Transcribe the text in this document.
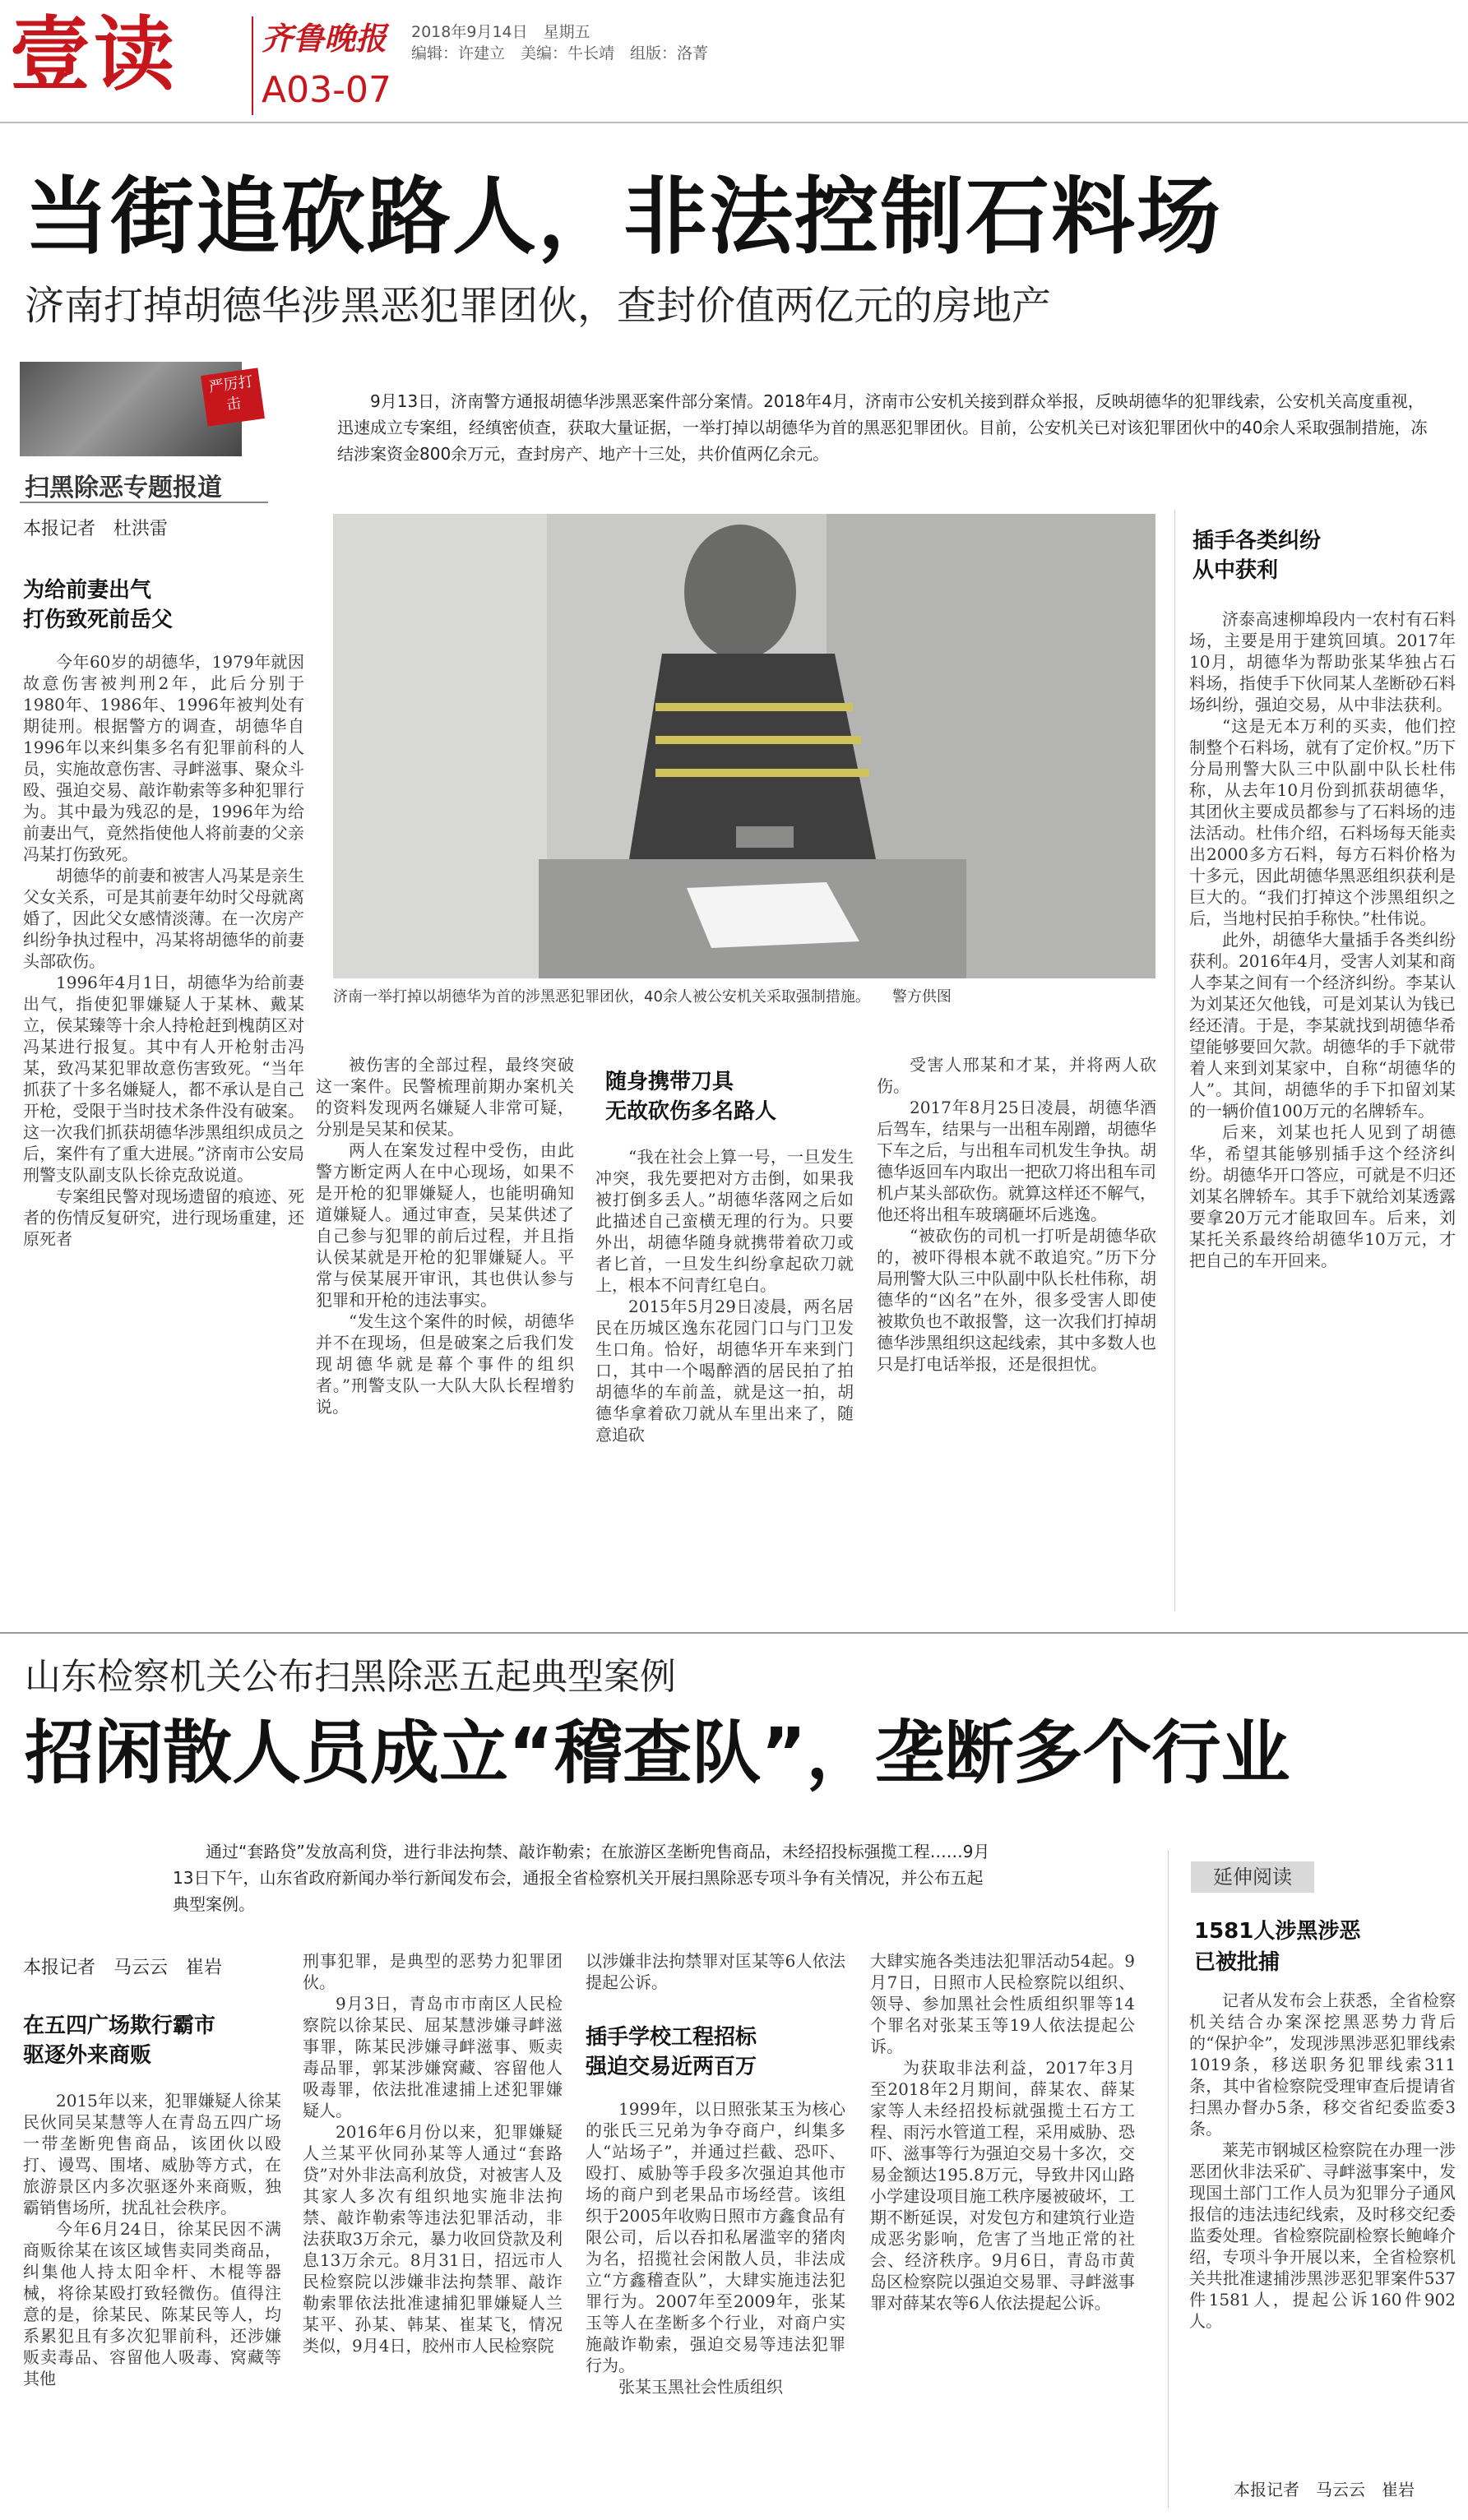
壹读	齐鲁晚报 2018年9月14日　星期五
编辑：许建立　美编：牛长靖　组版：洛菁
A03-07
当街追砍路人，非法控制石料场
济南打掉胡德华涉黑恶犯罪团伙，查封价值两亿元的房地产
严厉打击
扫黑除恶专题报道
9月13日，济南警方通报胡德华涉黑恶案件部分案情。2018年4月，济南市公安机关接到群众举报，反映胡德华的犯罪线索，公安机关高度重视，迅速成立专案组，经缜密侦查，获取大量证据，一举打掉以胡德华为首的黑恶犯罪团伙。目前，公安机关已对该犯罪团伙中的40余人采取强制措施，冻结涉案资金800余万元，查封房产、地产十三处，共价值两亿余元。
济南一举打掉以胡德华为首的涉黑恶犯罪团伙，40余人被公安机关采取强制措施。　　警方供图
本报记者　杜洪雷
为给前妻出气
打伤致死前岳父

今年60岁的胡德华，1979年就因故意伤害被判刑2年，此后分别于1980年、1986年、1996年被判处有期徒刑。根据警方的调查，胡德华自1996年以来纠集多名有犯罪前科的人员，实施故意伤害、寻衅滋事、聚众斗殴、强迫交易、敲诈勒索等多种犯罪行为。其中最为残忍的是，1996年为给前妻出气，竟然指使他人将前妻的父亲冯某打伤致死。

胡德华的前妻和被害人冯某是亲生父女关系，可是其前妻年幼时父母就离婚了，因此父女感情淡薄。在一次房产纠纷争执过程中，冯某将胡德华的前妻头部砍伤。

1996年4月1日，胡德华为给前妻出气，指使犯罪嫌疑人于某林、戴某立，侯某臻等十余人持枪赶到槐荫区对冯某进行报复。其中有人开枪射击冯某，致冯某犯罪故意伤害致死。“当年抓获了十多名嫌疑人，都不承认是自己开枪，受限于当时技术条件没有破案。这一次我们抓获胡德华涉黑组织成员之后，案件有了重大进展。”济南市公安局刑警支队副支队长徐克敌说道。

专案组民警对现场遗留的痕迹、死者的伤情反复研究，进行现场重建，还原死者

被伤害的全部过程，最终突破这一案件。民警梳理前期办案机关的资料发现两名嫌疑人非常可疑，分别是吴某和侯某。

两人在案发过程中受伤，由此警方断定两人在中心现场，如果不是开枪的犯罪嫌疑人，也能明确知道嫌疑人。通过审查，吴某供述了自己参与犯罪的前后过程，并且指认侯某就是开枪的犯罪嫌疑人。平常与侯某展开审讯，其也供认参与犯罪和开枪的违法事实。

“发生这个案件的时候，胡德华并不在现场，但是破案之后我们发现胡德华就是幕个事件的组织者。”刑警支队一大队大队长程增豹说。

随身携带刀具
无故砍伤多名路人

“我在社会上算一号，一旦发生冲突，我先要把对方击倒，如果我被打倒多丢人。”胡德华落网之后如此描述自己蛮横无理的行为。只要外出，胡德华随身就携带着砍刀或者匕首，一旦发生纠纷拿起砍刀就上，根本不问青红皂白。

2015年5月29日凌晨，两名居民在历城区逸东花园门口与门卫发生口角。恰好，胡德华开车来到门口，其中一个喝醉酒的居民拍了拍胡德华的车前盖，就是这一拍，胡德华拿着砍刀就从车里出来了，随意追砍

受害人邢某和才某，并将两人砍伤。

2017年8月25日凌晨，胡德华酒后驾车，结果与一出租车剐蹭，胡德华下车之后，与出租车司机发生争执。胡德华返回车内取出一把砍刀将出租车司机卢某头部砍伤。就算这样还不解气，他还将出租车玻璃砸坏后逃逸。

“被砍伤的司机一打听是胡德华砍的，被吓得根本就不敢追究。”历下分局刑警大队三中队副中队长杜伟称，胡德华的“凶名”在外，很多受害人即使被欺负也不敢报警，这一次我们打掉胡德华涉黑组织这起线索，其中多数人也只是打电话举报，还是很担忧。

插手各类纠纷
从中获利

济泰高速柳埠段内一农村有石料场，主要是用于建筑回填。2017年10月，胡德华为帮助张某华独占石料场，指使手下伙同某人垄断砂石料场纠纷，强迫交易，从中非法获利。

“这是无本万利的买卖，他们控制整个石料场，就有了定价权。”历下分局刑警大队三中队副中队长杜伟称，从去年10月份到抓获胡德华，其团伙主要成员都参与了石料场的违法活动。杜伟介绍，石料场每天能卖出2000多方石料，每方石料价格为十多元，因此胡德华黑恶组织获利是巨大的。“我们打掉这个涉黑组织之后，当地村民拍手称快。”杜伟说。

此外，胡德华大量插手各类纠纷获利。2016年4月，受害人刘某和商人李某之间有一个经济纠纷。李某认为刘某还欠他钱，可是刘某认为钱已经还清。于是，李某就找到胡德华希望能够要回欠款。胡德华的手下就带着人来到刘某家中，自称“胡德华的人”。其间，胡德华的手下扣留刘某的一辆价值100万元的名牌轿车。

后来，刘某也托人见到了胡德华，希望其能够别插手这个经济纠纷。胡德华开口答应，可就是不归还刘某名牌轿车。其手下就给刘某透露要拿20万元才能取回车。后来，刘某托关系最终给胡德华10万元，才把自己的车开回来。

山东检察机关公布扫黑除恶五起典型案例
招闲散人员成立“稽查队”，垄断多个行业
通过“套路贷”发放高利贷，进行非法拘禁、敲诈勒索；在旅游区垄断兜售商品，未经招投标强揽工程……9月13日下午，山东省政府新闻办举行新闻发布会，通报全省检察机关开展扫黑除恶专项斗争有关情况，并公布五起典型案例。
本报记者　马云云　崔岩
在五四广场欺行霸市
驱逐外来商贩

2015年以来，犯罪嫌疑人徐某民伙同吴某慧等人在青岛五四广场一带垄断兜售商品，该团伙以殴打、谩骂、围堵、威胁等方式，在旅游景区内多次驱逐外来商贩，独霸销售场所，扰乱社会秩序。

今年6月24日，徐某民因不满商贩徐某在该区域售卖同类商品，纠集他人持太阳伞杆、木棍等器械，将徐某殴打致轻微伤。值得注意的是，徐某民、陈某民等人，均系累犯且有多次犯罪前科，还涉嫌贩卖毒品、容留他人吸毒、窝藏等其他

刑事犯罪，是典型的恶势力犯罪团伙。

9月3日，青岛市市南区人民检察院以徐某民、屈某慧涉嫌寻衅滋事罪，陈某民涉嫌寻衅滋事、贩卖毒品罪，郭某涉嫌窝藏、容留他人吸毒罪，依法批准逮捕上述犯罪嫌疑人。

2016年6月份以来，犯罪嫌疑人兰某平伙同孙某等人通过“套路贷”对外非法高利放贷，对被害人及其家人多次有组织地实施非法拘禁、敲诈勒索等违法犯罪活动，非法获取3万余元，暴力收回贷款及利息13万余元。8月31日，招远市人民检察院以涉嫌非法拘禁罪、敲诈勒索罪依法批准逮捕犯罪嫌疑人兰某平、孙某、韩某、崔某飞，情况类似，9月4日，胶州市人民检察院

以涉嫌非法拘禁罪对匡某等6人依法提起公诉。

插手学校工程招标
强迫交易近两百万

1999年，以日照张某玉为核心的张氏三兄弟为争夺商户，纠集多人“站场子”，并通过拦截、恐吓、殴打、威胁等手段多次强迫其他市场的商户到老果品市场经营。该组织于2005年收购日照市方鑫食品有限公司，后以吞扣私屠滥宰的猪肉为名，招揽社会闲散人员，非法成立“方鑫稽查队”，大肆实施违法犯罪行为。2007年至2009年，张某玉等人在垄断多个行业，对商户实施敲诈勒索，强迫交易等违法犯罪行为。

张某玉黑社会性质组织

大肆实施各类违法犯罪活动54起。9月7日，日照市人民检察院以组织、领导、参加黑社会性质组织罪等14个罪名对张某玉等19人依法提起公诉。

为获取非法利益，2017年3月至2018年2月期间，薛某农、薛某家等人未经招投标就强揽土石方工程、雨污水管道工程，采用威胁、恐吓、滋事等行为强迫交易十多次，交易金额达195.8万元，导致井冈山路小学建设项目施工秩序屡被破坏，工期不断延误，对发包方和建筑行业造成恶劣影响，危害了当地正常的社会、经济秩序。9月6日，青岛市黄岛区检察院以强迫交易罪、寻衅滋事罪对薛某农等6人依法提起公诉。

延伸阅读
1581人涉黑涉恶
已被批捕

记者从发布会上获悉，全省检察机关结合办案深挖黑恶势力背后的“保护伞”，发现涉黑涉恶犯罪线索1019条，移送职务犯罪线索311条，其中省检察院受理审查后提请省扫黑办督办5条，移交省纪委监委3条。

莱芜市钢城区检察院在办理一涉恶团伙非法采矿、寻衅滋事案中，发现国土部门工作人员为犯罪分子通风报信的违法违纪线索，及时移交纪委监委处理。省检察院副检察长鲍峰介绍，专项斗争开展以来，全省检察机关共批准逮捕涉黑涉恶犯罪案件537件1581人，提起公诉160件902人。

本报记者　马云云　崔岩
